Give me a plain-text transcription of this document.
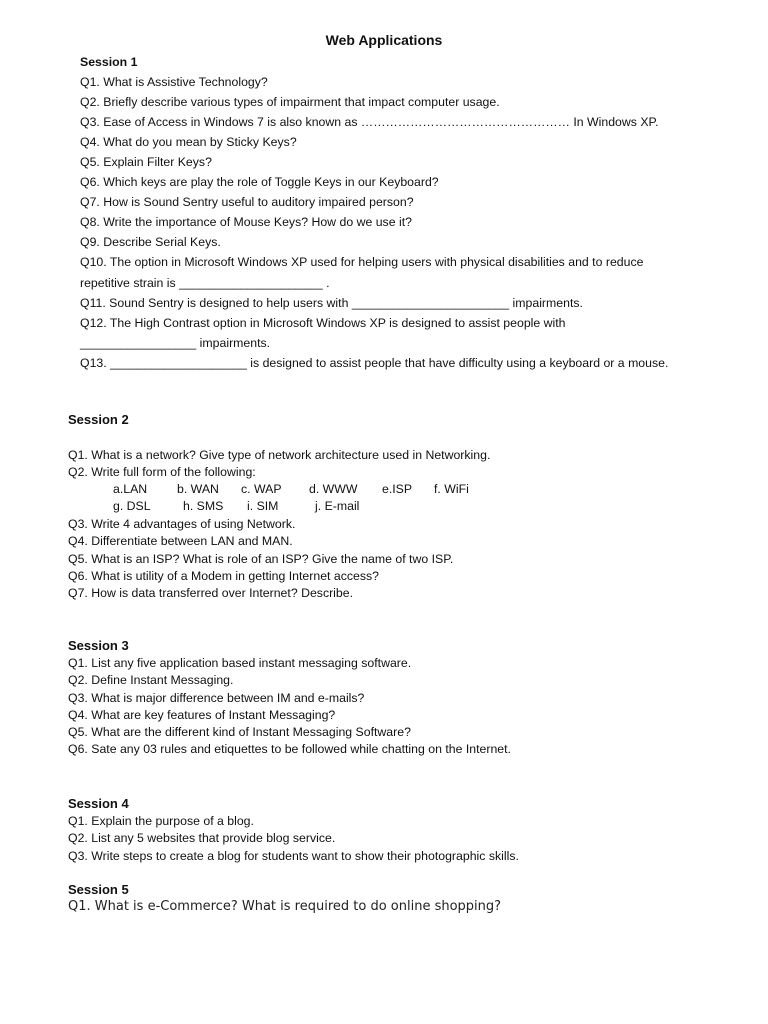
Web Applications

Session 1

Q1. What is Assistive Technology?

Q2. Briefly describe various types of impairment that impact computer usage.

Q3. Ease of Access in Windows 7 is also known as …………………………………………… In Windows XP.

Q4. What do you mean by Sticky Keys?

Q5. Explain Filter Keys?

Q6. Which keys are play the role of Toggle Keys in our Keyboard?

Q7. How is Sound Sentry useful to auditory impaired person?

Q8. Write the importance of Mouse Keys? How do we use it?

Q9. Describe Serial Keys.

Q10. The option in Microsoft Windows XP used for helping users with physical disabilities and to reduce repetitive strain is _____________________ .

Q11. Sound Sentry is designed to help users with _______________________ impairments.

Q12. The High Contrast option in Microsoft Windows XP is designed to assist people with _________________ impairments.

Q13. ____________________ is designed to assist people that have difficulty using a keyboard or a mouse.

Session 2

Q1. What is a network? Give type of network architecture used in Networking.

Q2. Write full form of the following:

a.LAN b. WAN c. WAP d. WWW e.ISP f. WiFi
g. DSL	h. SMS i. SIM	j. E-mail

Q3. Write 4 advantages of using Network.

Q4. Differentiate between LAN and MAN.

Q5. What is an ISP? What is role of an ISP? Give the name of two ISP.

Q6. What is utility of a Modem in getting Internet access?

Q7. How is data transferred over Internet? Describe.

Session 3

Q1. List any five application based instant messaging software.

Q2. Define Instant Messaging.

Q3. What is major difference between IM and e-mails?

Q4. What are key features of Instant Messaging?

Q5. What are the different kind of Instant Messaging Software?

Q6. Sate any 03 rules and etiquettes to be followed while chatting on the Internet.

Session 4

Q1. Explain the purpose of a blog.

Q2. List any 5 websites that provide blog service.

Q3. Write steps to create a blog for students want to show their photographic skills.

Session 5
Q1. What is e-Commerce? What is required to do online shopping?
